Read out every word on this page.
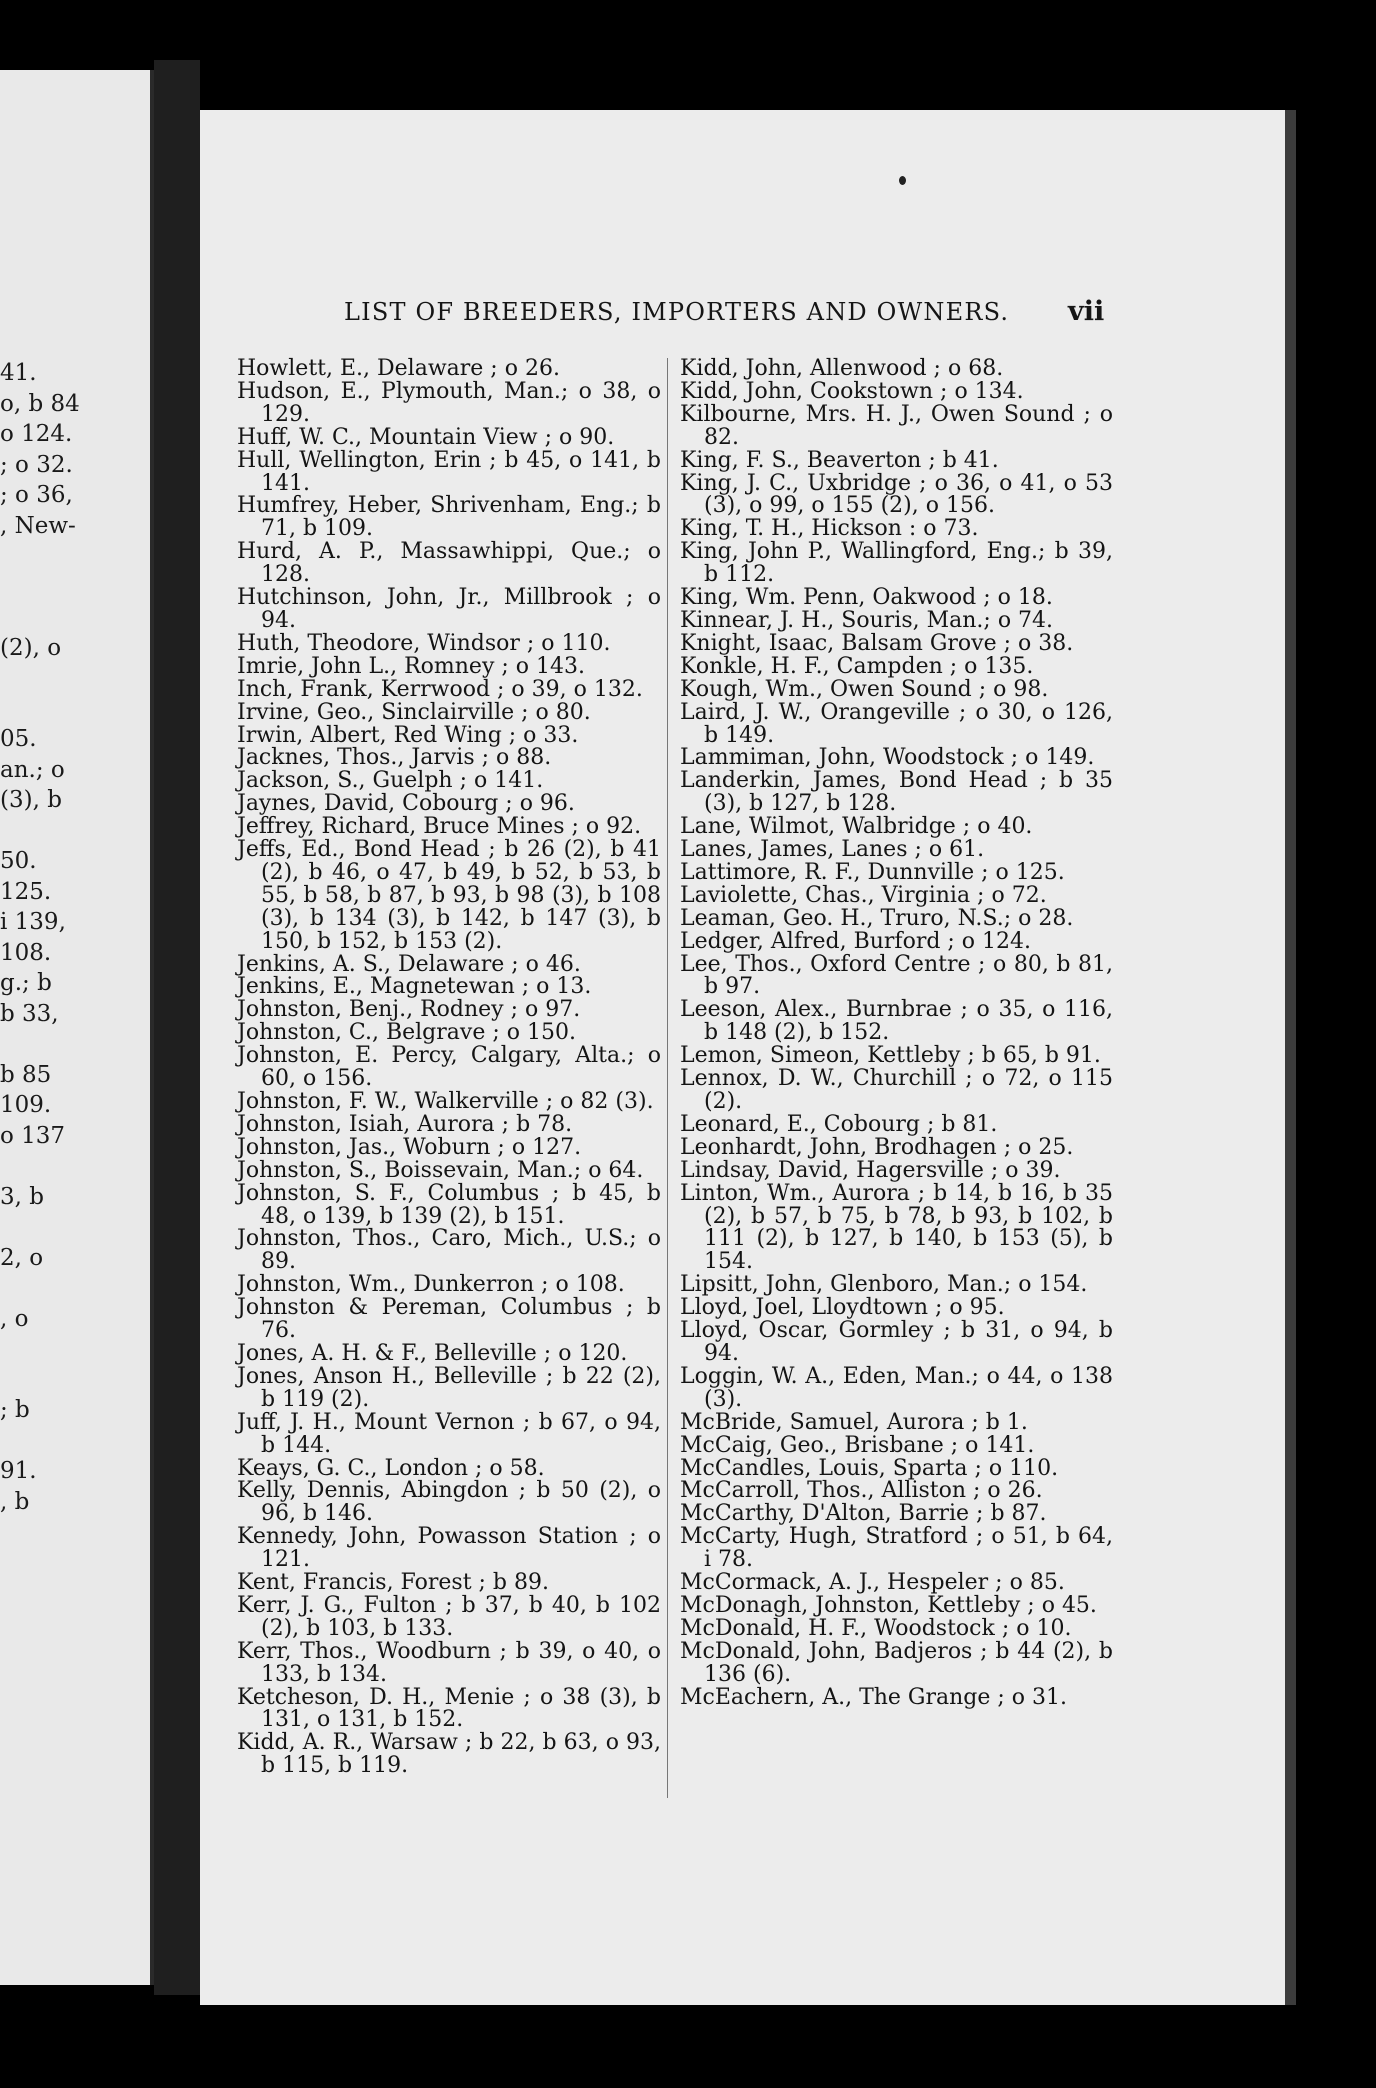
41.
o, b 84
o 124.
; o 32.
; o 36,
, New-
(2), o
05.
an.; o
(3), b
50.
125.
i 139,
108.
g.; b
b 33,
b 85
109.
o 137
3, b
2, o
, o
; b
91.
, b
LIST OF BREEDERS, IMPORTERS AND OWNERS. vii

Howlett, E., Delaware ; o 26.

Hudson, E., Plymouth, Man.; o 38, o 129.

Huff, W. C., Mountain View ; o 90.

Hull, Wellington, Erin ; b 45, o 141, b 141.

Humfrey, Heber, Shrivenham, Eng.; b 71, b 109.

Hurd, A. P., Massawhippi, Que.; o 128.

Hutchinson, John, Jr., Millbrook ; o 94.

Huth, Theodore, Windsor ; o 110.

Imrie, John L., Romney ; o 143.

Inch, Frank, Kerrwood ; o 39, o 132.

Irvine, Geo., Sinclairville ; o 80.

Irwin, Albert, Red Wing ; o 33.

Jacknes, Thos., Jarvis ; o 88.

Jackson, S., Guelph ; o 141.

Jaynes, David, Cobourg ; o 96.

Jeffrey, Richard, Bruce Mines ; o 92.

Jeffs, Ed., Bond Head ; b 26 (2), b 41 (2), b 46, o 47, b 49, b 52, b 53, b 55, b 58, b 87, b 93, b 98 (3), b 108 (3), b 134 (3), b 142, b 147 (3), b 150, b 152, b 153 (2).

Jenkins, A. S., Delaware ; o 46.

Jenkins, E., Magnetewan ; o 13.

Johnston, Benj., Rodney ; o 97.

Johnston, C., Belgrave ; o 150.

Johnston, E. Percy, Calgary, Alta.; o 60, o 156.

Johnston, F. W., Walkerville ; o 82 (3).

Johnston, Isiah, Aurora ; b 78.

Johnston, Jas., Woburn ; o 127.

Johnston, S., Boissevain, Man.; o 64.

Johnston, S. F., Columbus ; b 45, b 48, o 139, b 139 (2), b 151.

Johnston, Thos., Caro, Mich., U.S.; o 89.

Johnston, Wm., Dunkerron ; o 108.

Johnston & Pereman, Columbus ; b 76.

Jones, A. H. & F., Belleville ; o 120.

Jones, Anson H., Belleville ; b 22 (2), b 119 (2).

Juff, J. H., Mount Vernon ; b 67, o 94, b 144.

Keays, G. C., London ; o 58.

Kelly, Dennis, Abingdon ; b 50 (2), o 96, b 146.

Kennedy, John, Powasson Station ; o 121.

Kent, Francis, Forest ; b 89.

Kerr, J. G., Fulton ; b 37, b 40, b 102 (2), b 103, b 133.

Kerr, Thos., Woodburn ; b 39, o 40, o 133, b 134.

Ketcheson, D. H., Menie ; o 38 (3), b 131, o 131, b 152.

Kidd, A. R., Warsaw ; b 22, b 63, o 93, b 115, b 119.

Kidd, John, Allenwood ; o 68.

Kidd, John, Cookstown ; o 134.

Kilbourne, Mrs. H. J., Owen Sound ; o 82.

King, F. S., Beaverton ; b 41.

King, J. C., Uxbridge ; o 36, o 41, o 53 (3), o 99, o 155 (2), o 156.

King, T. H., Hickson : o 73.

King, John P., Wallingford, Eng.; b 39, b 112.

King, Wm. Penn, Oakwood ; o 18.

Kinnear, J. H., Souris, Man.; o 74.

Knight, Isaac, Balsam Grove ; o 38.

Konkle, H. F., Campden ; o 135.

Kough, Wm., Owen Sound ; o 98.

Laird, J. W., Orangeville ; o 30, o 126, b 149.

Lammiman, John, Woodstock ; o 149.

Landerkin, James, Bond Head ; b 35 (3), b 127, b 128.

Lane, Wilmot, Walbridge ; o 40.

Lanes, James, Lanes ; o 61.

Lattimore, R. F., Dunnville ; o 125.

Laviolette, Chas., Virginia ; o 72.

Leaman, Geo. H., Truro, N.S.; o 28.

Ledger, Alfred, Burford ; o 124.

Lee, Thos., Oxford Centre ; o 80, b 81, b 97.

Leeson, Alex., Burnbrae ; o 35, o 116, b 148 (2), b 152.

Lemon, Simeon, Kettleby ; b 65, b 91.

Lennox, D. W., Churchill ; o 72, o 115 (2).

Leonard, E., Cobourg ; b 81.

Leonhardt, John, Brodhagen ; o 25.

Lindsay, David, Hagersville ; o 39.

Linton, Wm., Aurora ; b 14, b 16, b 35 (2), b 57, b 75, b 78, b 93, b 102, b 111 (2), b 127, b 140, b 153 (5), b 154.

Lipsitt, John, Glenboro, Man.; o 154.

Lloyd, Joel, Lloydtown ; o 95.

Lloyd, Oscar, Gormley ; b 31, o 94, b 94.

Loggin, W. A., Eden, Man.; o 44, o 138 (3).

McBride, Samuel, Aurora ; b 1.

McCaig, Geo., Brisbane ; o 141.

McCandles, Louis, Sparta ; o 110.

McCarroll, Thos., Alliston ; o 26.

McCarthy, D'Alton, Barrie ; b 87.

McCarty, Hugh, Stratford ; o 51, b 64, i 78.

McCormack, A. J., Hespeler ; o 85.

McDonagh, Johnston, Kettleby ; o 45.

McDonald, H. F., Woodstock ; o 10.

McDonald, John, Badjeros ; b 44 (2), b 136 (6).

McEachern, A., The Grange ; o 31.
